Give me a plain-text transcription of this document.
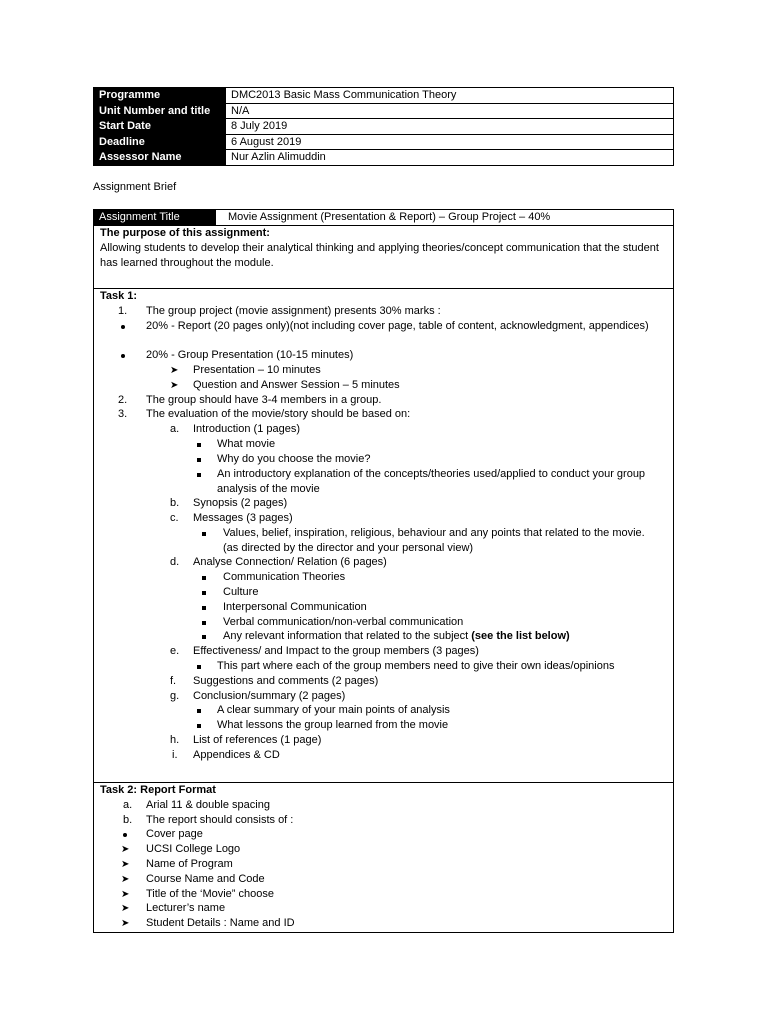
Programme	DMC2013 Basic Mass Communication Theory
Unit Number and title	N/A
Start Date	8 July 2019
Deadline	6 August 2019
Assessor Name	Nur Azlin Alimuddin
Assignment Brief
Assignment Title	Movie Assignment (Presentation & Report) – Group Project – 40%
The purpose of this assignment:
Allowing students to develop their analytical thinking and applying theories/concept communication that the student has learned throughout the module.
Task 1:
1. The group project (movie assignment) presents 30% marks :
20% - Report (20 pages only)(not including cover page, table of content, acknowledgment, appendices)
20% - Group Presentation (10-15 minutes)
➤ Presentation – 10 minutes
➤ Question and Answer Session – 5 minutes
2. The group should have 3-4 members in a group.
3. The evaluation of the movie/story should be based on:
a. Introduction (1 pages)
What movie
Why do you choose the movie?
An introductory explanation of the concepts/theories used/applied to conduct your group analysis of the movie
b. Synopsis (2 pages)
c. Messages (3 pages)
Values, belief, inspiration, religious, behaviour and any points that related to the movie. (as directed by the director and your personal view)
d. Analyse Connection/ Relation (6 pages)
Communication Theories
Culture
Interpersonal Communication
Verbal communication/non-verbal communication
Any relevant information that related to the subject (see the list below)
e. Effectiveness/ and Impact to the group members (3 pages)
This part where each of the group members need to give their own ideas/opinions
f. Suggestions and comments (2 pages)
g. Conclusion/summary (2 pages)
A clear summary of your main points of analysis
What lessons the group learned from the movie
h. List of references (1 page)
i. Appendices & CD
Task 2: Report Format
a. Arial 11 & double spacing
b. The report should consists of :
Cover page
➤ UCSI College Logo
➤ Name of Program
➤ Course Name and Code
➤ Title of the ‘Movie” choose
➤ Lecturer’s name
➤ Student Details : Name and ID
